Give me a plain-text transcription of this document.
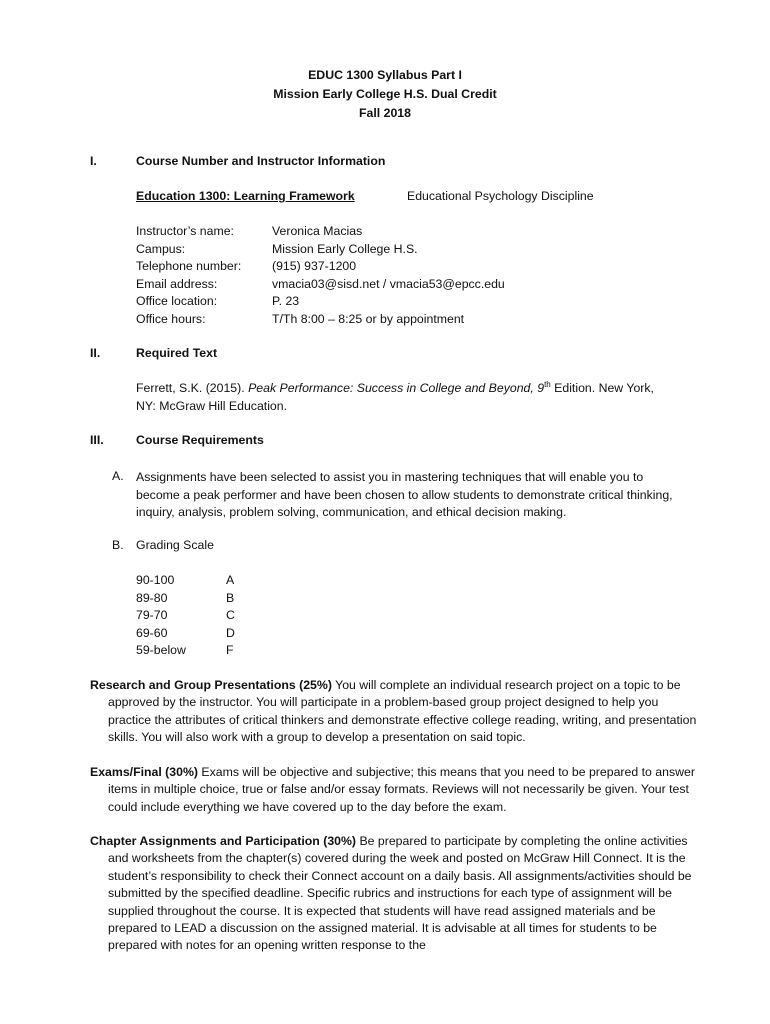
EDUC 1300 Syllabus Part I
Mission Early College H.S. Dual Credit
Fall 2018
I.	Course Number and Instructor Information
Education 1300: Learning Framework	Educational Psychology Discipline
Instructor’s name:	Veronica Macias
Campus:	Mission Early College H.S.
Telephone number: (915) 937-1200
Email address:	vmacia03@sisd.net / vmacia53@epcc.edu
Office location:	P. 23
Office hours:	T/Th 8:00 – 8:25 or by appointment
II.	Required Text
Ferrett, S.K. (2015). Peak Performance: Success in College and Beyond, 9th Edition. New York, NY: McGraw Hill Education.
III.	Course Requirements
A. Assignments have been selected to assist you in mastering techniques that will enable you to become a peak performer and have been chosen to allow students to demonstrate critical thinking, inquiry, analysis, problem solving, communication, and ethical decision making.
B. Grading Scale
90-100	A
89-80	B
79-70	C
69-60	D
59-below	F
Research and Group Presentations (25%) You will complete an individual research project on a topic to be approved by the instructor. You will participate in a problem-based group project designed to help you practice the attributes of critical thinkers and demonstrate effective college reading, writing, and presentation skills. You will also work with a group to develop a presentation on said topic.
Exams/Final (30%) Exams will be objective and subjective; this means that you need to be prepared to answer items in multiple choice, true or false and/or essay formats. Reviews will not necessarily be given. Your test could include everything we have covered up to the day before the exam.
Chapter Assignments and Participation (30%) Be prepared to participate by completing the online activities and worksheets from the chapter(s) covered during the week and posted on McGraw Hill Connect. It is the student’s responsibility to check their Connect account on a daily basis. All assignments/activities should be submitted by the specified deadline. Specific rubrics and instructions for each type of assignment will be supplied throughout the course. It is expected that students will have read assigned materials and be prepared to LEAD a discussion on the assigned material. It is advisable at all times for students to be prepared with notes for an opening written response to the
